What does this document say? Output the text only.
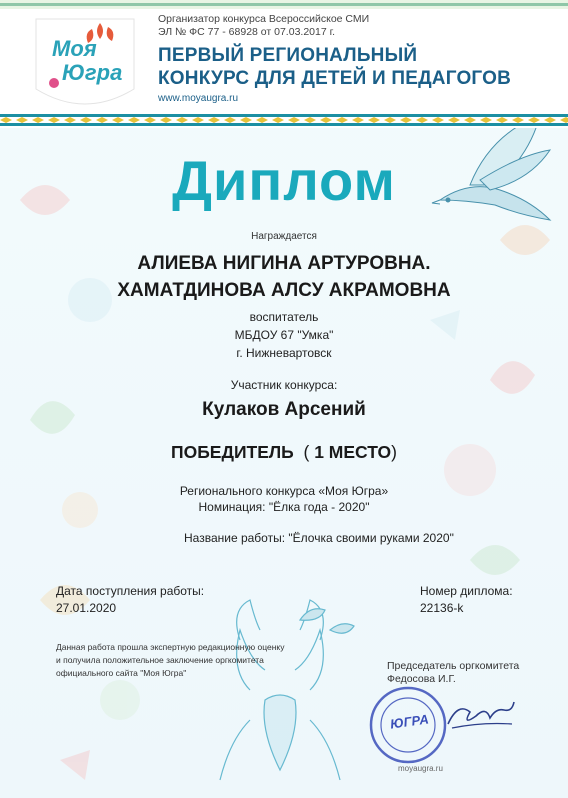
Моя
Югра
Организатор конкурса Всероссийское СМИ
ЭЛ № ФС 77 - 68928 от 07.03.2017 г.
ПЕРВЫЙ РЕГИОНАЛЬНЫЙ
КОНКУРС ДЛЯ ДЕТЕЙ И ПЕДАГОГОВ
www.moyaugra.ru
Диплом
Награждается
АЛИЕВА НИГИНА АРТУРОВНА.
ХАМАТДИНОВА АЛСУ АКРАМОВНА
воспитатель
МБДОУ 67 "Умка"
г. Нижневартовск
Участник конкурса:
Кулаков Арсений
ПОБЕДИТЕЛЬ ( 1 МЕСТО)
Регионального конкурса «Моя Югра»
Номинация: "Ёлка года - 2020"
Название работы: "Ёлочка своими руками 2020"
Дата поступления работы:
27.01.2020
Номер диплома:
22136-k
Данная работа прошла экспертную редакционную оценку
и получила положительное заключение оргкомитета
официального сайта "Моя Югра"
Председатель оргкомитета
Федосова И.Г.
ЮГРА
moyaugra.ru
